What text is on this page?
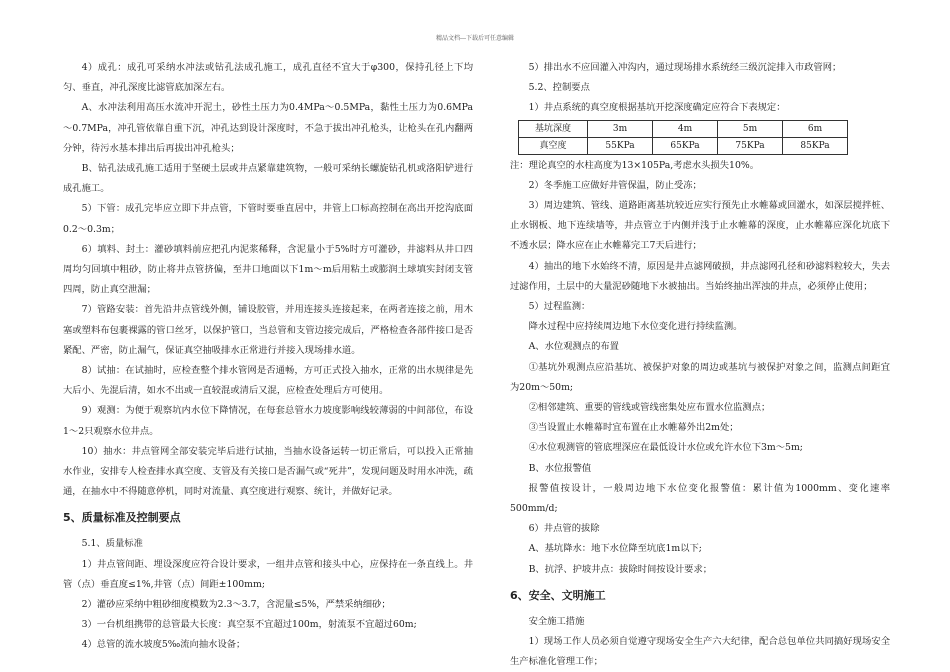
精品文档---下载后可任意编辑

4）成孔：成孔可采纳水冲法或钻孔法成孔施工，成孔直径不宜大于φ300，保持孔径上下均匀、垂直，冲孔深度比滤管底加深左右。

A、水冲法利用高压水流冲开泥土，砂性土压力为0.4MPa～0.5MPa，黏性土压力为0.6MPa～0.7MPa，冲孔管依靠自重下沉，冲孔达到设计深度时，不急于拔出冲孔枪头，让枪头在孔内翻两分钟，待污水基本排出后再拔出冲孔枪头；

B、钻孔法成孔施工适用于坚硬土层或井点紧靠建筑物，一般可采纳长螺旋钻孔机或洛阳铲进行成孔施工。

5）下管：成孔完毕应立即下井点管，下管时要垂直居中，井管上口标高控制在高出开挖沟底面0.2～0.3m；

6）填料、封土：灌砂填料前应把孔内泥浆稀释，含泥量小于5%时方可灌砂，井滤料从井口四周均匀回填中粗砂，防止将井点管挤偏，至井口地面以下1m～m后用粘土或膨润土球填实封闭支管四周，防止真空泄漏；

7）管路安装：首先沿井点管线外侧，铺设胶管，并用连接头连接起来，在两者连接之前，用木塞或塑料布包裹裸露的管口丝牙，以保护管口，当总管和支管边接完成后，严格检查各部件接口是否紧配、严密，防止漏气，保证真空抽吸排水正常进行并接入现场排水道。

8）试抽：在试抽时，应检查整个排水管网是否通畅，方可正式投入抽水，正常的出水规律是先大后小、先混后清，如水不出或一直较混或清后又混，应检查处理后方可使用。

9）观测：为便于观察坑内水位下降情况，在每套总管水力坡度影响线较薄弱的中间部位，布设1～2只观察水位井点。

10）抽水：井点管网全部安装完毕后进行试抽，当抽水设备运转一切正常后，可以投入正常抽水作业，安排专人检查排水真空度、支管及有关接口是否漏气或“死井”，发现问题及时用水冲洗，疏通，在抽水中不得随意停机，同时对流量、真空度进行观察、统计，并做好记录。

5、质量标准及控制要点

5.1、质量标准

1）井点管间距、埋设深度应符合设计要求，一组井点管和接头中心，应保持在一条直线上。井管（点）垂直度≤1%,井管（点）间距±100mm;

2）灌砂应采纳中粗砂细度模数为2.3～3.7，含泥量≤5%，严禁采纳细砂；

3）一台机组携带的总管最大长度：真空泵不宜超过100m，射流泵不宜超过60m;

4）总管的流水坡度5‰流向抽水设备；

5）排出水不应回灌入冲沟内，通过现场排水系统经三级沉淀排入市政管网；

5.2、控制要点

1）井点系统的真空度根据基坑开挖深度确定应符合下表规定：

基坑深度	3m	4m	5m	6m
真空度	55KPa	65KPa	75KPa	85KPa

注：理论真空的水柱高度为13×105Pa,考虑水头损失10%。

2）冬季施工应做好井管保温，防止受冻；

3）周边建筑、管线、道路距离基坑较近应实行预先止水帷幕或回灌水，如深层搅拌桩、止水钢板、地下连续墙等，井点管立于内侧并浅于止水帷幕的深度，止水帷幕应深化坑底下不透水层；降水应在止水帷幕完工7天后进行；

4）抽出的地下水始终不清，原因是井点滤网破损，井点滤网孔径和砂滤料粒较大，失去过滤作用，土层中的大量泥砂随地下水被抽出。当始终抽出浑浊的井点，必须停止使用；

5）过程监测：

降水过程中应持续周边地下水位变化进行持续监测。

A、水位观测点的布置

①基坑外观测点应沿基坑、被保护对象的周边或基坑与被保护对象之间，监测点间距宜为20m～50m;

②相邻建筑、重要的管线或管线密集处应布置水位监测点；

③当设置止水帷幕时宜布置在止水帷幕外出2m处；

④水位观测管的管底埋深应在最低设计水位或允许水位下3m～5m;

B、水位报警值

报警值按设计，一般周边地下水位变化报警值：累计值为1000mm、变化速率500mm/d;

6）井点管的拔除

A、基坑降水：地下水位降至坑底1m以下;

B、抗浮、护坡井点：拔除时间按设计要求；

6、安全、文明施工

安全施工措施

1）现场工作人员必须自觉遵守现场安全生产六大纪律，配合总包单位共同搞好现场安全生产标准化管理工作；
